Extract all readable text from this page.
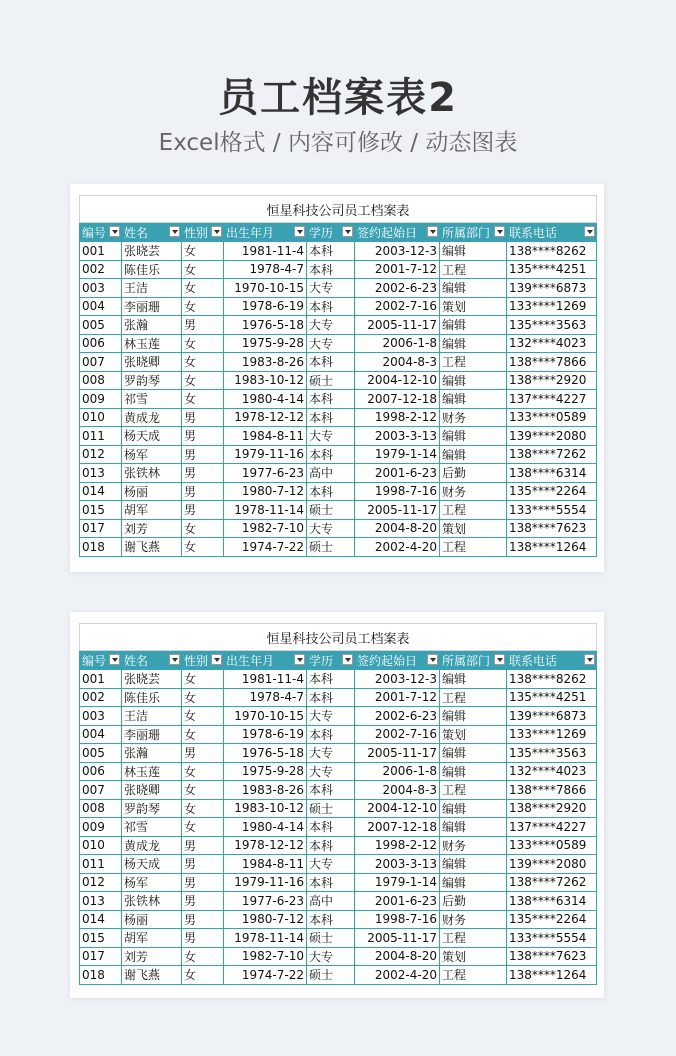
员工档案表2
Excel格式 / 内容可修改 / 动态图表
恒星科技公司员工档案表							
编号	姓名	性别	出生年月	学历	签约起始日	所属部门	联系电话

001	张晓芸	女	1981-11-4	本科	2003-12-3	编辑	138****8262
002	陈佳乐	女	1978-4-7	本科	2001-7-12	工程	135****4251
003	王洁	女	1970-10-15	大专	2002-6-23	编辑	139****6873
004	李丽珊	女	1978-6-19	本科	2002-7-16	策划	133****1269
005	张瀚	男	1976-5-18	大专	2005-11-17	编辑	135****3563
006	林玉莲	女	1975-9-28	大专	2006-1-8	编辑	132****4023
007	张晓卿	女	1983-8-26	本科	2004-8-3	工程	138****7866
008	罗韵琴	女	1983-10-12	硕士	2004-12-10	编辑	138****2920
009	祁雪	女	1980-4-14	本科	2007-12-18	编辑	137****4227
010	黄成龙	男	1978-12-12	本科	1998-2-12	财务	133****0589
011	杨天成	男	1984-8-11	大专	2003-3-13	编辑	139****2080
012	杨军	男	1979-11-16	本科	1979-1-14	编辑	138****7262
013	张铁林	男	1977-6-23	高中	2001-6-23	后勤	138****6314
014	杨丽	男	1980-7-12	本科	1998-7-16	财务	135****2264
015	胡军	男	1978-11-14	硕士	2005-11-17	工程	133****5554
017	刘芳	女	1982-7-10	大专	2004-8-20	策划	138****7623
018	谢飞燕	女	1974-7-22	硕士	2002-4-20	工程	138****1264
恒星科技公司员工档案表							
编号	姓名	性别	出生年月	学历	签约起始日	所属部门	联系电话

001	张晓芸	女	1981-11-4	本科	2003-12-3	编辑	138****8262
002	陈佳乐	女	1978-4-7	本科	2001-7-12	工程	135****4251
003	王洁	女	1970-10-15	大专	2002-6-23	编辑	139****6873
004	李丽珊	女	1978-6-19	本科	2002-7-16	策划	133****1269
005	张瀚	男	1976-5-18	大专	2005-11-17	编辑	135****3563
006	林玉莲	女	1975-9-28	大专	2006-1-8	编辑	132****4023
007	张晓卿	女	1983-8-26	本科	2004-8-3	工程	138****7866
008	罗韵琴	女	1983-10-12	硕士	2004-12-10	编辑	138****2920
009	祁雪	女	1980-4-14	本科	2007-12-18	编辑	137****4227
010	黄成龙	男	1978-12-12	本科	1998-2-12	财务	133****0589
011	杨天成	男	1984-8-11	大专	2003-3-13	编辑	139****2080
012	杨军	男	1979-11-16	本科	1979-1-14	编辑	138****7262
013	张铁林	男	1977-6-23	高中	2001-6-23	后勤	138****6314
014	杨丽	男	1980-7-12	本科	1998-7-16	财务	135****2264
015	胡军	男	1978-11-14	硕士	2005-11-17	工程	133****5554
017	刘芳	女	1982-7-10	大专	2004-8-20	策划	138****7623
018	谢飞燕	女	1974-7-22	硕士	2002-4-20	工程	138****1264
